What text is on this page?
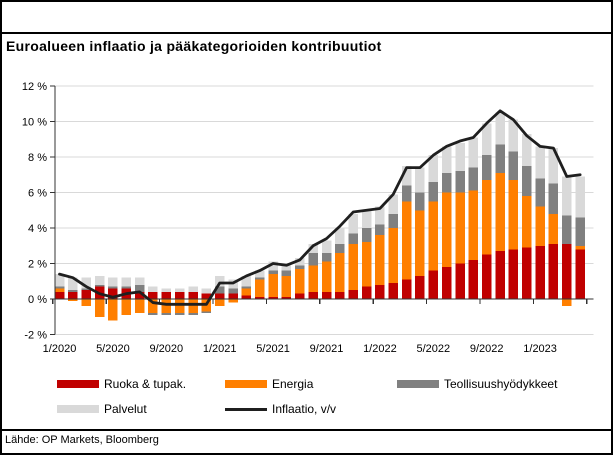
Euroalueen inflaatio ja pääkategorioiden kontribuutiot
-2 %
0 %
2 %
4 %
6 %
8 %
10 %
12 %
1/2020 5/2020 9/2020 1/2021 5/2021 9/2021 1/2022 5/2022 9/2022 1/2023
Ruoka & tupak.	Energia	Teollisuushyödykkeet
Palvelut	Inflaatio, v/v
Lähde: OP Markets, Bloomberg
